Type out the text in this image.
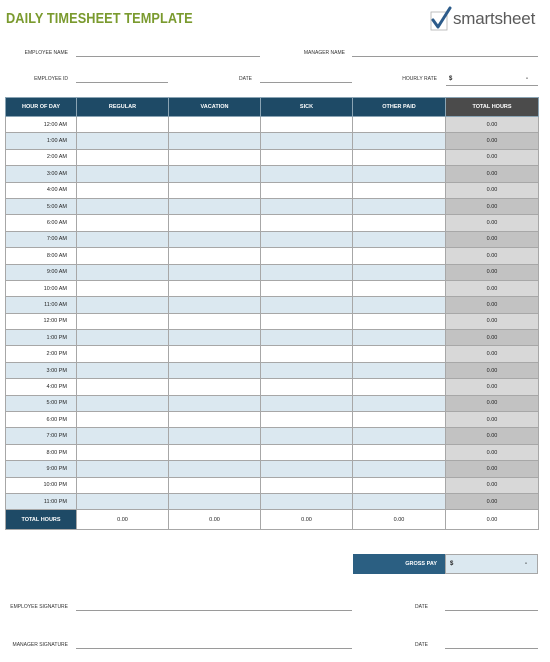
DAILY TIMESHEET TEMPLATE	smartsheet
EMPLOYEE NAME	MANAGER NAME
EMPLOYEE ID	DATE	HOURLY RATE $	-
HOUR OF DAY	REGULAR	VACATION	SICK	OTHER PAID	TOTAL HOURS
12:00 AM					0.00
1:00 AM					0.00
2:00 AM					0.00
3:00 AM					0.00
4:00 AM					0.00
5:00 AM					0.00
6:00 AM					0.00
7:00 AM					0.00
8:00 AM					0.00
9:00 AM					0.00
10:00 AM					0.00
11:00 AM					0.00
12:00 PM					0.00
1:00 PM					0.00
2:00 PM					0.00
3:00 PM					0.00
4:00 PM					0.00
5:00 PM					0.00
6:00 PM					0.00
7:00 PM					0.00
8:00 PM					0.00
9:00 PM					0.00
10:00 PM					0.00
11:00 PM					0.00
TOTAL HOURS	0.00	0.00	0.00	0.00	0.00
GROSS PAY	$	-
EMPLOYEE SIGNATURE	DATE
MANAGER SIGNATURE	DATE
